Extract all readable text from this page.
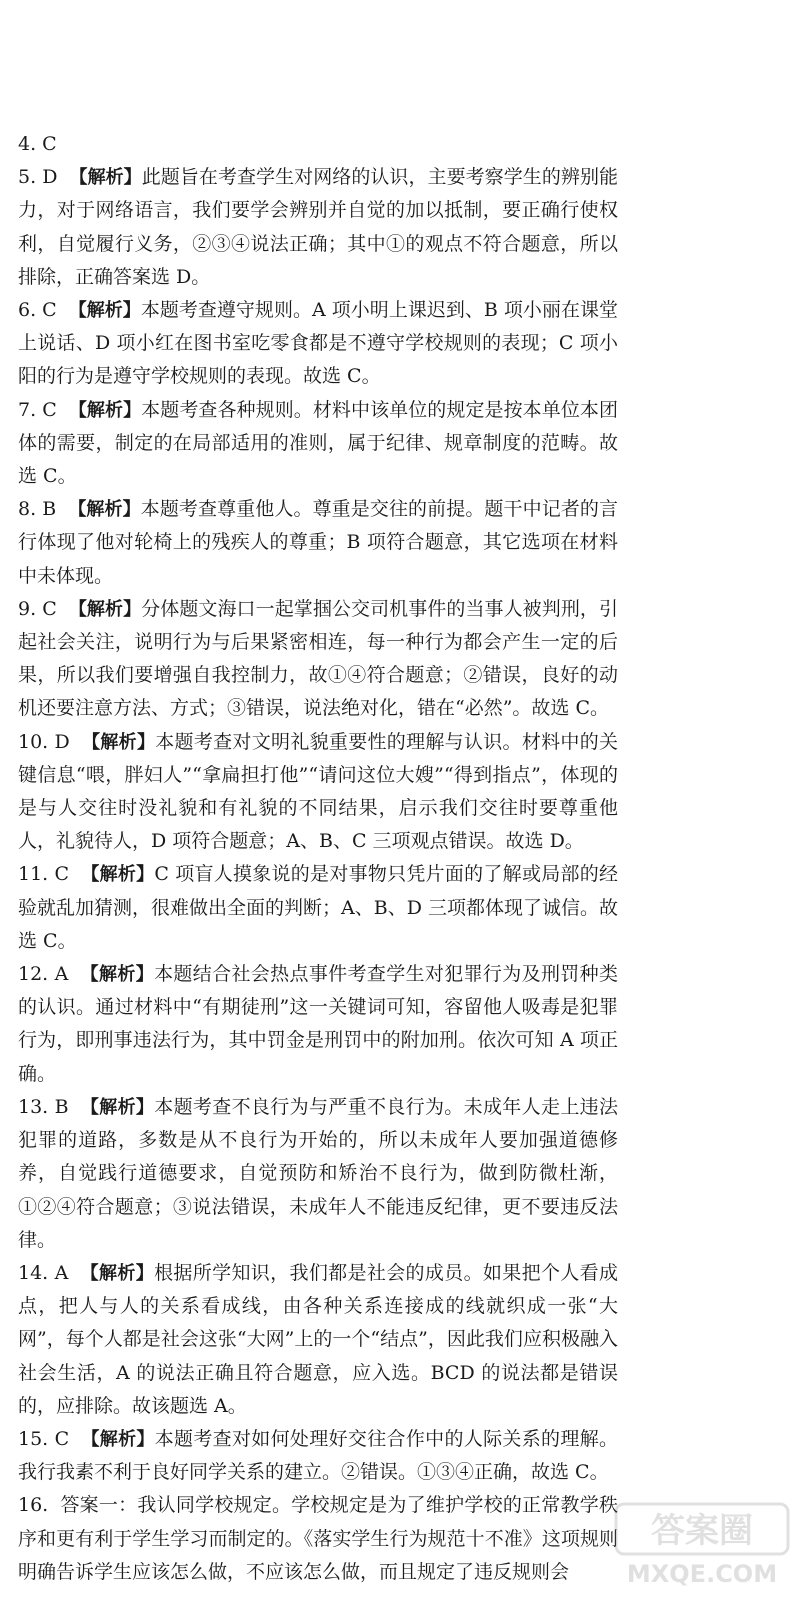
4. C
5. D 【解析】此题旨在考查学生对网络的认识，主要考察学生的辨别能力，对于网络语言，我们要学会辨别并自觉的加以抵制，要正确行使权利，自觉履行义务，②③④说法正确；其中①的观点不符合题意，所以排除，正确答案选 D。
6. C 【解析】本题考查遵守规则。A 项小明上课迟到、B 项小丽在课堂上说话、D 项小红在图书室吃零食都是不遵守学校规则的表现；C 项小阳的行为是遵守学校规则的表现。故选 C。
7. C 【解析】本题考查各种规则。材料中该单位的规定是按本单位本团体的需要，制定的在局部适用的准则，属于纪律、规章制度的范畴。故选 C。
8. B 【解析】本题考查尊重他人。尊重是交往的前提。题干中记者的言行体现了他对轮椅上的残疾人的尊重；B 项符合题意，其它选项在材料中未体现。
9. C 【解析】分体题文海口一起掌掴公交司机事件的当事人被判刑，引起社会关注，说明行为与后果紧密相连，每一种行为都会产生一定的后果，所以我们要增强自我控制力，故①④符合题意；②错误，良好的动机还要注意方法、方式；③错误，说法绝对化，错在“必然”。故选 C。
10. D 【解析】本题考查对文明礼貌重要性的理解与认识。材料中的关键信息“喂，胖妇人”“拿扁担打他”“请问这位大嫂”“得到指点”，体现的是与人交往时没礼貌和有礼貌的不同结果，启示我们交往时要尊重他人，礼貌待人，D 项符合题意；A、B、C 三项观点错误。故选 D。
11. C 【解析】C 项盲人摸象说的是对事物只凭片面的了解或局部的经验就乱加猜测，很难做出全面的判断；A、B、D 三项都体现了诚信。故选 C。
12. A 【解析】本题结合社会热点事件考查学生对犯罪行为及刑罚种类的认识。通过材料中“有期徒刑”这一关键词可知，容留他人吸毒是犯罪行为，即刑事违法行为，其中罚金是刑罚中的附加刑。依次可知 A 项正确。
13. B 【解析】本题考查不良行为与严重不良行为。未成年人走上违法犯罪的道路，多数是从不良行为开始的，所以未成年人要加强道德修养，自觉践行道德要求，自觉预防和矫治不良行为，做到防微杜渐，①②④符合题意；③说法错误，未成年人不能违反纪律，更不要违反法律。
14. A 【解析】根据所学知识，我们都是社会的成员。如果把个人看成点，把人与人的关系看成线，由各种关系连接成的线就织成一张“大网”，每个人都是社会这张“大网”上的一个“结点”，因此我们应积极融入社会生活，A 的说法正确且符合题意，应入选。BCD 的说法都是错误的，应排除。故该题选 A。
15. C 【解析】本题考查对如何处理好交往合作中的人际关系的理解。我行我素不利于良好同学关系的建立。②错误。①③④正确，故选 C。
16. 答案一：我认同学校规定。学校规定是为了维护学校的正常教学秩序和更有利于学生学习而制定的。《落实学生行为规范十不准》这项规则明确告诉学生应该怎么做，不应该怎么做，而且规定了违反规则会
答案圈
MXQE.COM
